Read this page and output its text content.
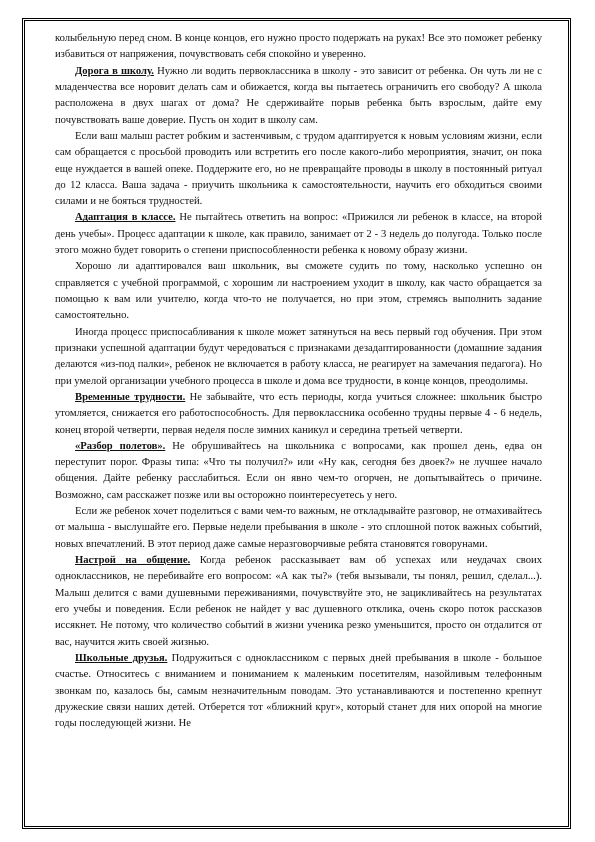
колыбельную перед сном. В конце концов, его нужно просто подержать на руках! Все это поможет ребенку избавиться от напряжения, почувствовать себя спокойно и уверенно.

Дорога в школу. Нужно ли водить первоклассника в школу - это зависит от ребенка. Он чуть ли не с младенчества все норовит делать сам и обижается, когда вы пытаетесь ограничить его свободу? А школа расположена в двух шагах от дома? Не сдерживайте порыв ребенка быть взрослым, дайте ему почувствовать ваше доверие. Пусть он ходит в школу сам.

Если ваш малыш растет робким и застенчивым, с трудом адаптируется к новым условиям жизни, если сам обращается с просьбой проводить или встретить его после какого-либо мероприятия, значит, он пока еще нуждается в вашей опеке. Поддержите его, но не превращайте проводы в школу в постоянный ритуал до 12 класса. Ваша задача - приучить школьника к самостоятельности, научить его обходиться своими силами и не бояться трудностей.

Адаптация в классе. Не пытайтесь ответить на вопрос: «Прижился ли ребенок в классе, на второй день учебы». Процесс адаптации к школе, как правило, занимает от 2 - 3 недель до полугода. Только после этого можно будет говорить о степени приспособленности ребенка к новому образу жизни.

Хорошо ли адаптировался ваш школьник, вы сможете судить по тому, насколько успешно он справляется с учебной программой, с хорошим ли настроением уходит в школу, как часто обращается за помощью к вам или учителю, когда что-то не получается, но при этом, стремясь выполнить задание самостоятельно.

Иногда процесс приспосабливания к школе может затянуться на весь первый год обучения. При этом признаки успешной адаптации будут чередоваться с признаками дезадаптированности (домашние задания делаются «из-под палки», ребенок не включается в работу класса, не реагирует на замечания педагога). Но при умелой организации учебного процесса в школе и дома все трудности, в конце концов, преодолимы.

Временные трудности. Не забывайте, что есть периоды, когда учиться сложнее: школьник быстро утомляется, снижается его работоспособность. Для первоклассника особенно трудны первые 4 - 6 недель, конец второй четверти, первая неделя после зимних каникул и середина третьей четверти.

«Разбор полетов». Не обрушивайтесь на школьника с вопросами, как прошел день, едва он переступит порог. Фразы типа: «Что ты получил?» или «Ну как, сегодня без двоек?» не лучшее начало общения. Дайте ребенку расслабиться. Если он явно чем-то огорчен, не допытывайтесь о причине. Возможно, сам расскажет позже или вы осторожно поинтересуетесь у него.

Если же ребенок хочет поделиться с вами чем-то важным, не откладывайте разговор, не отмахивайтесь от малыша - выслушайте его. Первые недели пребывания в школе - это сплошной поток важных событий, новых впечатлений. В этот период даже самые неразговорчивые ребята становятся говорунами.

Настрой на общение. Когда ребенок рассказывает вам об успехах или неудачах своих одноклассников, не перебивайте его вопросом: «А как ты?» (тебя вызывали, ты понял, решил, сделал...). Малыш делится с вами душевными переживаниями, почувствуйте это, не зацикливайтесь на результатах его учебы и поведения. Если ребенок не найдет у вас душевного отклика, очень скоро поток рассказов иссякнет. Не потому, что количество событий в жизни ученика резко уменьшится, просто он отдалится от вас, научится жить своей жизнью.

Школьные друзья. Подружиться с одноклассником с первых дней пребывания в школе - большое счастье. Относитесь с вниманием и пониманием к маленьким посетителям, назойливым телефонным звонкам по, казалось бы, самым незначительным поводам. Это устанавливаются и постепенно крепнут дружеские связи наших детей. Отберется тот «ближний круг», который станет для них опорой на многие годы последующей жизни. Не
